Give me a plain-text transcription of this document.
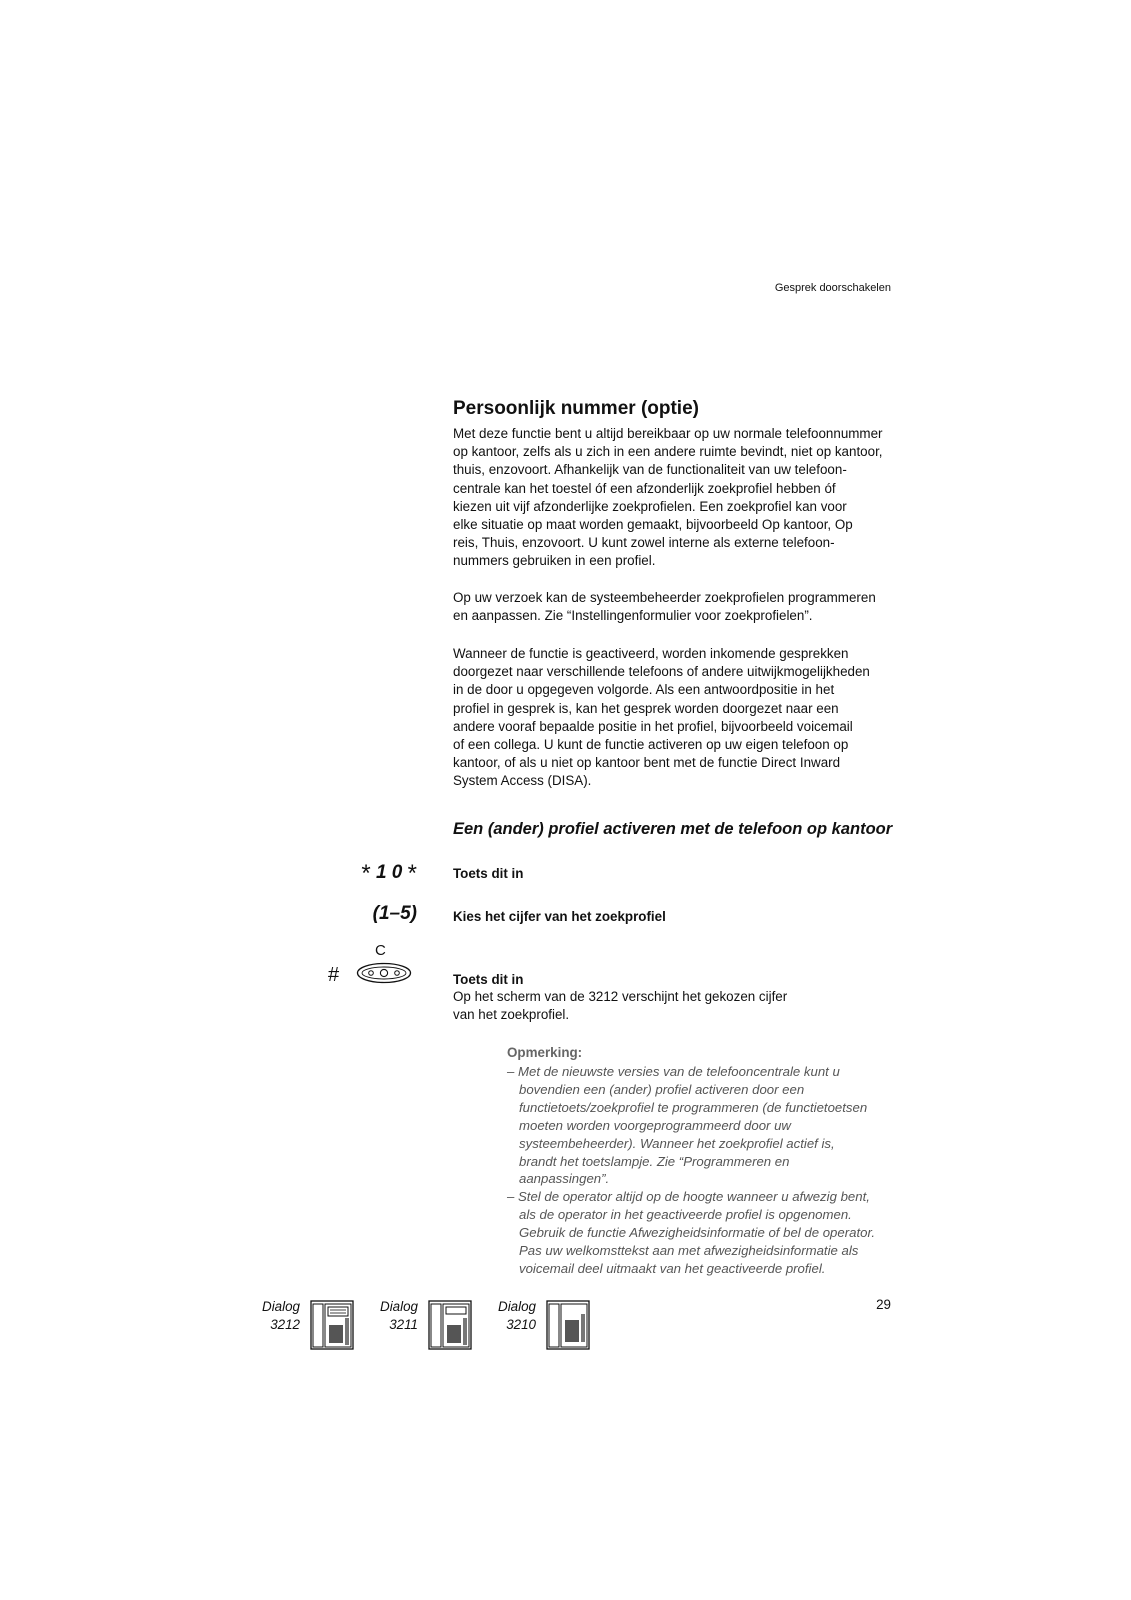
Gesprek doorschakelen
Persoonlijk nummer (optie)

Met deze functie bent u altijd bereikbaar op uw normale telefoonnummer
op kantoor, zelfs als u zich in een andere ruimte bevindt, niet op kantoor,
thuis, enzovoort. Afhankelijk van de functionaliteit van uw telefoon-
centrale kan het toestel óf een afzonderlijk zoekprofiel hebben óf
kiezen uit vijf afzonderlijke zoekprofielen. Een zoekprofiel kan voor
elke situatie op maat worden gemaakt, bijvoorbeeld Op kantoor, Op
reis, Thuis, enzovoort. U kunt zowel interne als externe telefoon-
nummers gebruiken in een profiel.

Op uw verzoek kan de systeembeheerder zoekprofielen programmeren
en aanpassen. Zie “Instellingenformulier voor zoekprofielen”.

Wanneer de functie is geactiveerd, worden inkomende gesprekken
doorgezet naar verschillende telefoons of andere uitwijkmogelijkheden
in de door u opgegeven volgorde. Als een antwoordpositie in het
profiel in gesprek is, kan het gesprek worden doorgezet naar een
andere vooraf bepaalde positie in het profiel, bijvoorbeeld voicemail
of een collega. U kunt de functie activeren op uw eigen telefoon op
kantoor, of als u niet op kantoor bent met de functie Direct Inward
System Access (DISA).

Een (ander) profiel activeren met de telefoon op kantoor
* 1 0 *	Toets dit in
(1–5)	Kies het cijfer van het zoekprofiel
C
#	Toets dit in
Op het scherm van de 3212 verschijnt het gekozen cijfer
van het zoekprofiel.
Opmerking:
– Met de nieuwste versies van de telefooncentrale kunt u
bovendien een (ander) profiel activeren door een
functietoets/zoekprofiel te programmeren (de functietoetsen
moeten worden voorgeprogrammeerd door uw
systeembeheerder). Wanneer het zoekprofiel actief is,
brandt het toetslampje. Zie “Programmeren en
aanpassingen”.
– Stel de operator altijd op de hoogte wanneer u afwezig bent,
als de operator in het geactiveerde profiel is opgenomen.
Gebruik de functie Afwezigheidsinformatie of bel de operator.
Pas uw welkomsttekst aan met afwezigheidsinformatie als
voicemail deel uitmaakt van het geactiveerde profiel.
Dialog
3212
Dialog
3211
Dialog
3210
29
